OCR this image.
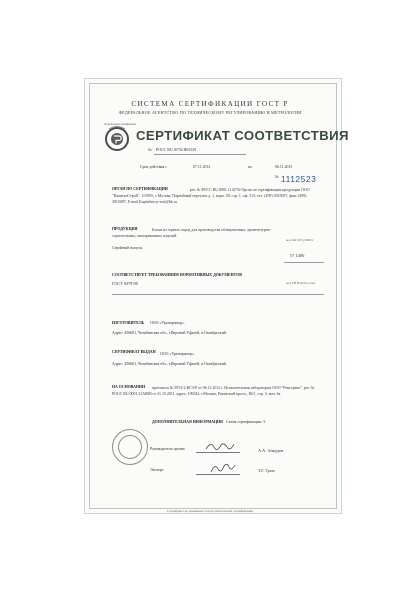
СИСТЕМА СЕРТИФИКАЦИИ ГОСТ Р
ФЕДЕРАЛЬНОЕ АГЕНТСТВО ПО ТЕХНИЧЕСКОМУ РЕГУЛИРОВАНИЮ И МЕТРОЛОГИИ
Добровольная сертификация
СЕРТИФИКАТ СООТВЕТСТВИЯ
№ РОСС RU.АГ92.Н02329
Срок действия с	07.11.2012	по	06.11.2015
№ 1112523
ОРГАН ПО СЕРТИФИКАЦИИ	рег. № РОСС RU.0001.11АГ92 Орган по сертификации продукции ООО "КапиталСтрой". 115093, г. Москва, Партийный переулок д. 1, корп. 58, стр. 1, оф. 313, тел. (499) 3915007, факс (499) 3915007, E-mail Kapitalstroy-sert@bk.ru
ПРОДУКЦИЯ	Блоки из горных пород для производства облицовочных, архитектурно-строительных, мемориальных изделий.
Серийный выпуск.
код ОК 005 (ОКП):
57 1400
СООТВЕТСТВУЕТ ТРЕБОВАНИЯМ НОРМАТИВНЫХ ДОКУМЕНТОВ
ГОСТ 9479-98	код ТН ВЭД России:
ИЗГОТОВИТЕЛЬ ООО «Уралмрамор».
Адрес: 456601, Челябинская обл., г.Верхний Уфалей, п.Октябрьский.
СЕРТИФИКАТ ВЫДАН ООО «Уралмрамор».
Адрес: 456601, Челябинская обл., г.Верхний Уфалей, п.Октябрьский.
НА ОСНОВАНИИ	протокола № 5974-2-КСЗ-Р от 06.11.2012 г. Испытательная лаборатория ООО "Ремсервис", рег. № РОСС RU.0001.21АВ80 от 21.10.2011, адрес: 109542, г.Москва, Рязанский просп., 86/1, стр. 3, ком. 6а
ДОПОЛНИТЕЛЬНАЯ ИНФОРМАЦИЯ Схема сертификации: 3.
Руководитель органа	А.А. Анкудов
Эксперт	Т.Г. Гром
Сертификат не применяется при обязательной сертификации
